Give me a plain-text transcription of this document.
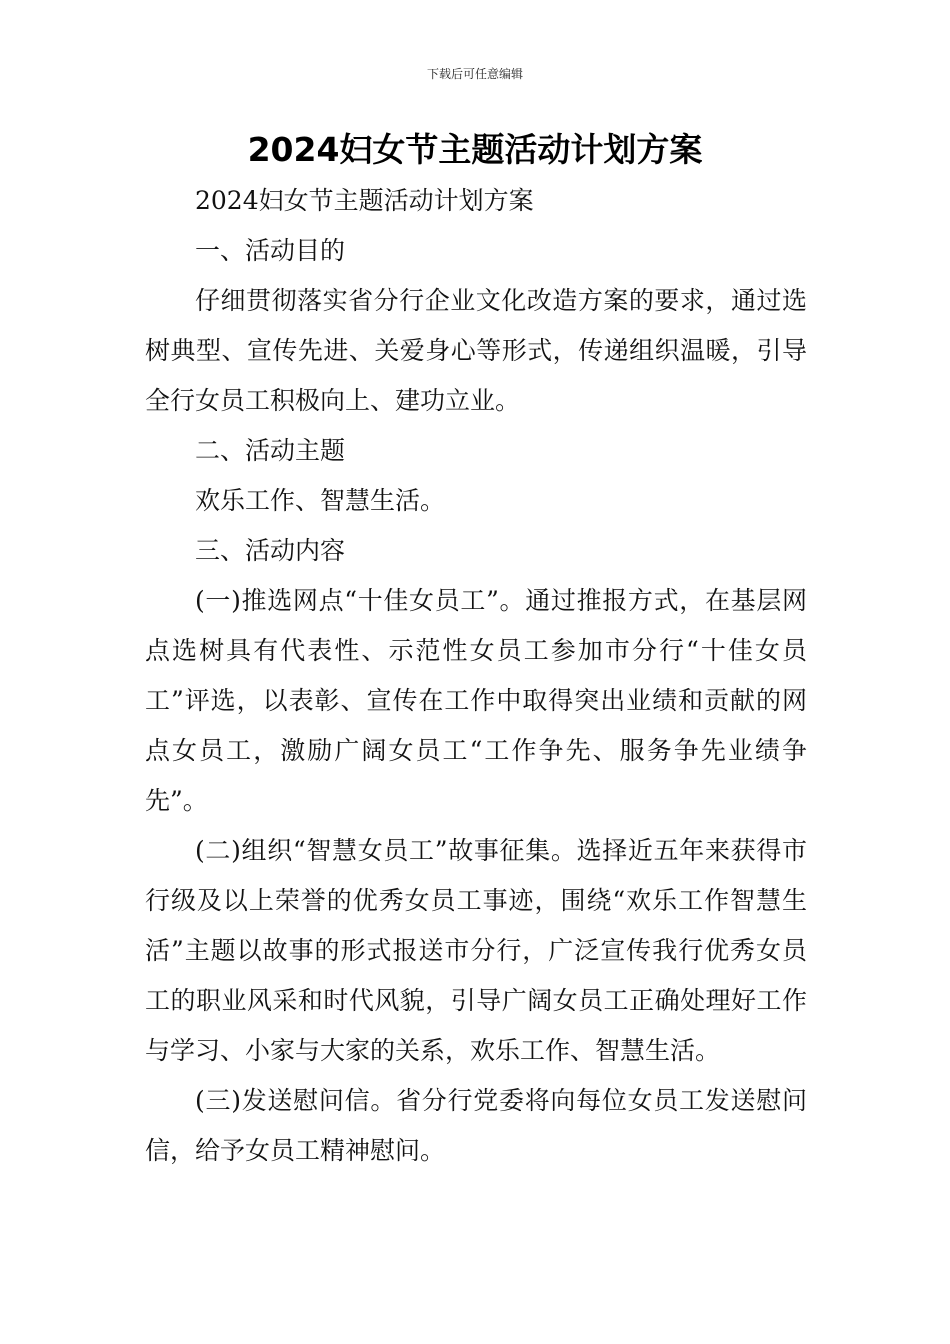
下载后可任意编辑
2024妇女节主题活动计划方案

2024妇女节主题活动计划方案

一、活动目的

仔细贯彻落实省分行企业文化改造方案的要求，通过选树典型、宣传先进、关爱身心等形式，传递组织温暖，引导全行女员工积极向上、建功立业。

二、活动主题

欢乐工作、智慧生活。

三、活动内容

(一)推选网点“十佳女员工”。通过推报方式，在基层网点选树具有代表性、示范性女员工参加市分行“十佳女员工”评选，以表彰、宣传在工作中取得突出业绩和贡献的网点女员工，激励广阔女员工“工作争先、服务争先业绩争先”。

(二)组织“智慧女员工”故事征集。选择近五年来获得市行级及以上荣誉的优秀女员工事迹，围绕“欢乐工作智慧生活”主题以故事的形式报送市分行，广泛宣传我行优秀女员工的职业风采和时代风貌，引导广阔女员工正确处理好工作与学习、小家与大家的关系，欢乐工作、智慧生活。

(三)发送慰问信。省分行党委将向每位女员工发送慰问信，给予女员工精神慰问。
